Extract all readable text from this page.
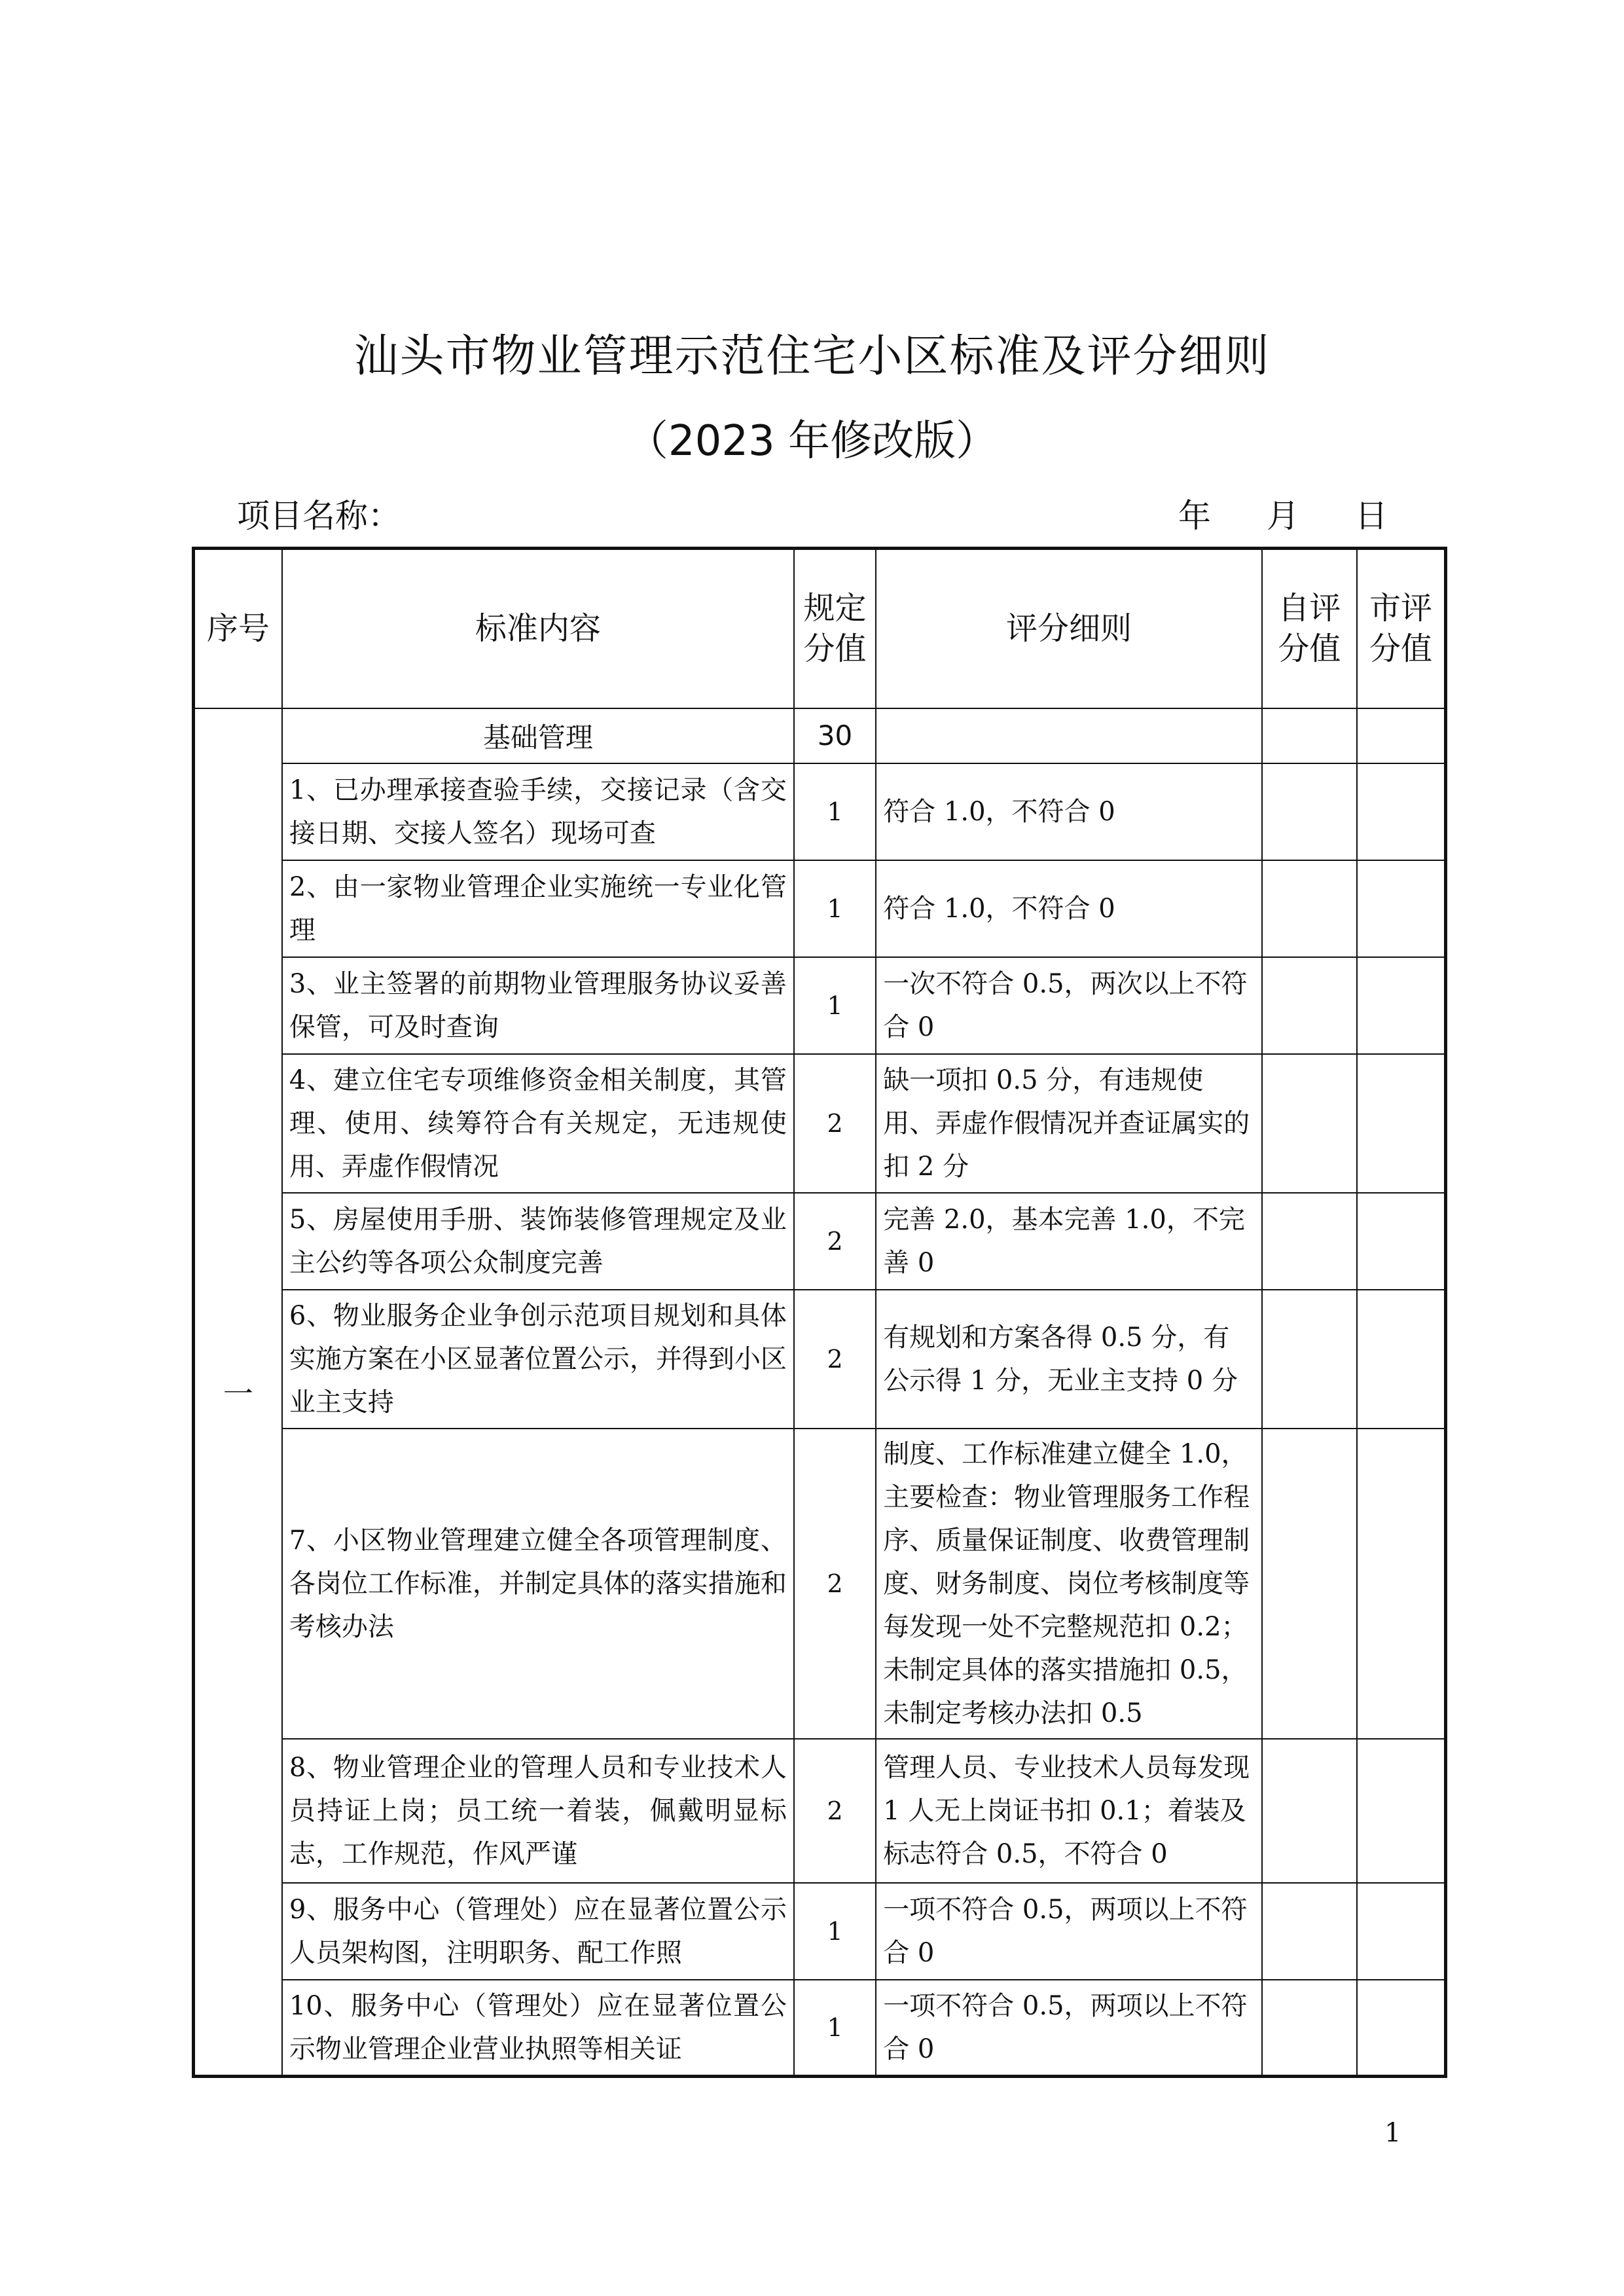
汕头市物业管理示范住宅小区标准及评分细则
（2023 年修改版）
项目名称：	年 月 日
序号	标准内容	规定分值	评分细则	自评分值	市评分值
一	基础管理	30			
	1、已办理承接查验手续，交接记录（含交接日期、交接人签名）现场可查	1	符合 1.0，不符合 0		
	2、由一家物业管理企业实施统一专业化管理	1	符合 1.0，不符合 0		
	3、业主签署的前期物业管理服务协议妥善保管，可及时查询	1	一次不符合 0.5，两次以上不符合 0		
	4、建立住宅专项维修资金相关制度，其管理、使用、续筹符合有关规定，无违规使用、弄虚作假情况	2	缺一项扣 0.5 分，有违规使用、弄虚作假情况并查证属实的扣 2 分		
	5、房屋使用手册、装饰装修管理规定及业主公约等各项公众制度完善	2	完善 2.0，基本完善 1.0，不完善 0		
	6、物业服务企业争创示范项目规划和具体实施方案在小区显著位置公示，并得到小区业主支持	2	有规划和方案各得 0.5 分，有公示得 1 分，无业主支持 0 分		
	7、小区物业管理建立健全各项管理制度、各岗位工作标准，并制定具体的落实措施和考核办法	2	制度、工作标准建立健全 1.0，主要检查：物业管理服务工作程序、质量保证制度、收费管理制度、财务制度、岗位考核制度等每发现一处不完整规范扣 0.2；未制定具体的落实措施扣 0.5，未制定考核办法扣 0.5		
	8、物业管理企业的管理人员和专业技术人员持证上岗；员工统一着装，佩戴明显标志，工作规范，作风严谨	2	管理人员、专业技术人员每发现 1 人无上岗证书扣 0.1；着装及标志符合 0.5，不符合 0		
	9、服务中心（管理处）应在显著位置公示人员架构图，注明职务、配工作照	1	一项不符合 0.5，两项以上不符合 0		
	10、服务中心（管理处）应在显著位置公示物业管理企业营业执照等相关证	1	一项不符合 0.5，两项以上不符合 0		
1
